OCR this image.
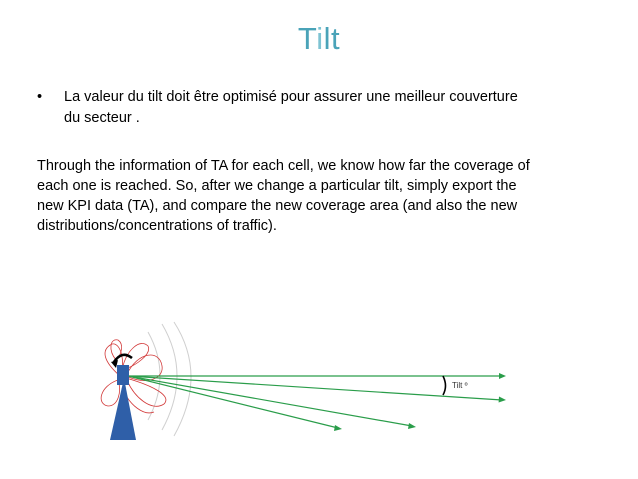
Tilt
•	La valeur du tilt doit être optimisé pour assurer une meilleur couverture
du secteur .
Through the information of TA for each cell, we know how far the coverage of
each one is reached. So, after we change a particular tilt, simply export the
new KPI data (TA), and compare the new coverage area (and also the new
distributions/concentrations of traffic).
Tilt º
